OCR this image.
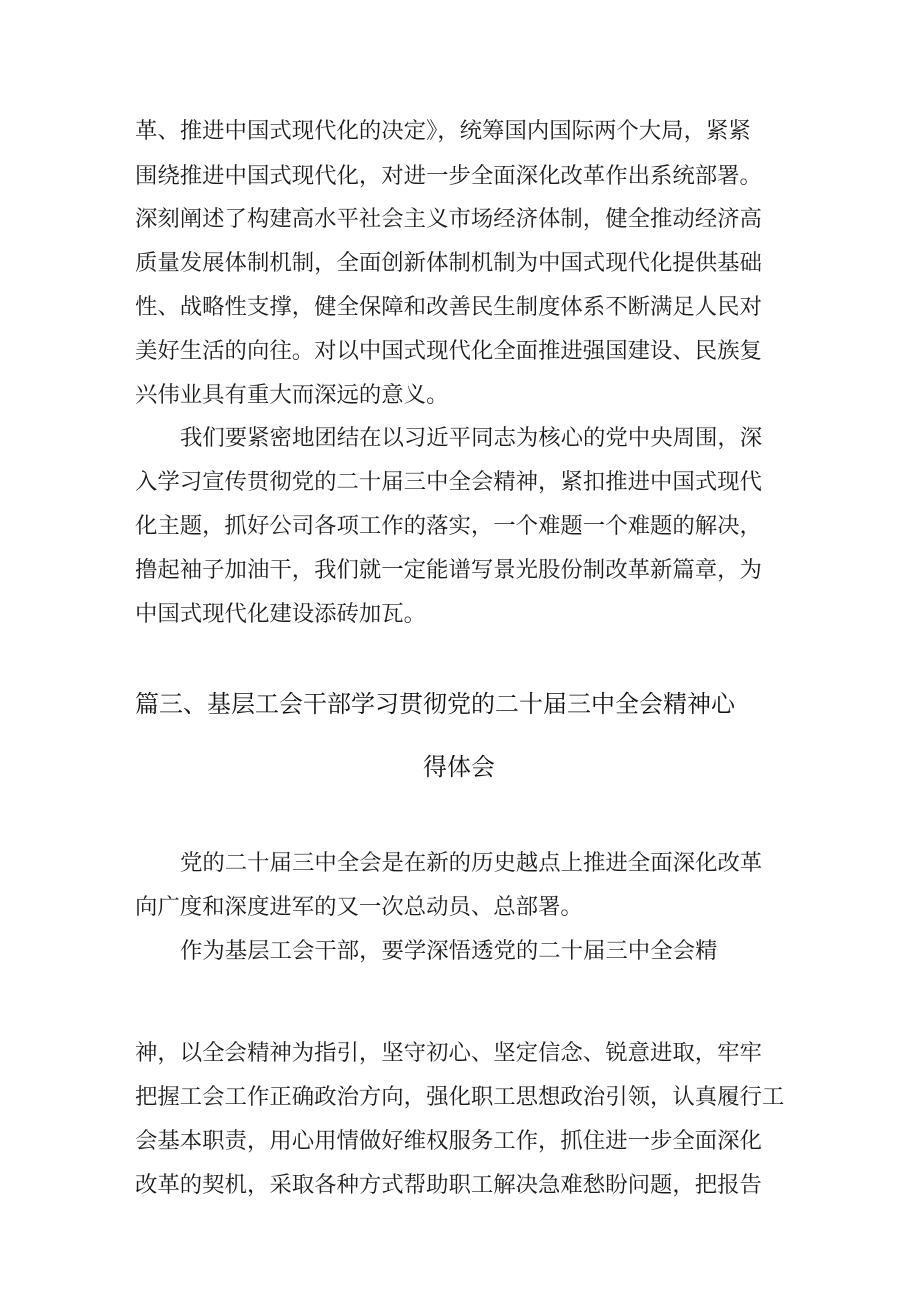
革、推进中国式现代化的决定》，统筹国内国际两个大局，紧紧
围绕推进中国式现代化，对进一步全面深化改革作出系统部署。
深刻阐述了构建高水平社会主义市场经济体制，健全推动经济高
质量发展体制机制，全面创新体制机制为中国式现代化提供基础
性、战略性支撑，健全保障和改善民生制度体系不断满足人民对
美好生活的向往。对以中国式现代化全面推进强国建设、民族复
兴伟业具有重大而深远的意义。
我们要紧密地团结在以习近平同志为核心的党中央周围，深
入学习宣传贯彻党的二十届三中全会精神，紧扣推进中国式现代
化主题，抓好公司各项工作的落实，一个难题一个难题的解决，
撸起袖子加油干，我们就一定能谱写景光股份制改革新篇章，为
中国式现代化建设添砖加瓦。
篇三、基层工会干部学习贯彻党的二十届三中全会精神心
得体会
党的二十届三中全会是在新的历史越点上推进全面深化改革
向广度和深度进军的又一次总动员、总部署。
作为基层工会干部，要学深悟透党的二十届三中全会精
神，以全会精神为指引，坚守初心、坚定信念、锐意进取，牢牢
把握工会工作正确政治方向，强化职工思想政治引领，认真履行工
会基本职责，用心用情做好维权服务工作，抓住进一步全面深化
改革的契机，采取各种方式帮助职工解决急难愁盼问题，把报告
